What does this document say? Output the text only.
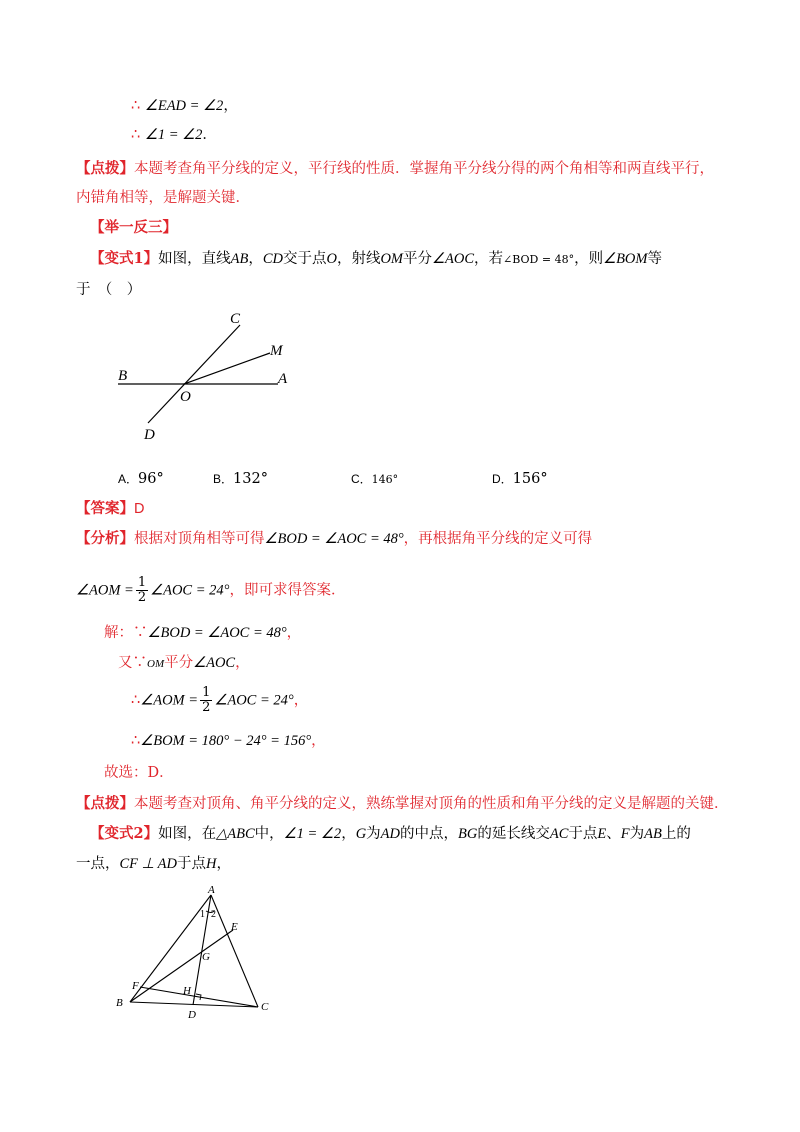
∴ ∠EAD = ∠2，
∴ ∠1 = ∠2．
【点拨】本题考查角平分线的定义，平行线的性质．掌握角平分线分得的两个角相等和两直线平行，
内错角相等，是解题关键．
【举一反三】
【变式1】如图，直线AB，CD交于点O，射线OM平分∠AOC，若∠BOD = 48°，则∠BOM等
于　（　）
C
M
B	A
O
D
A．96°	B．132°	C．146°	D．156°
【答案】D
【分析】根据对顶角相等可得∠BOD = ∠AOC = 48°，再根据角平分线的定义可得
∠AOM = $\frac{1}{2}$ ∠AOC = 24°，即可求得答案．
解：∵∠BOD = ∠AOC = 48°，
又∵OM平分∠AOC，
∴∠AOM = $\frac{1}{2}$ ∠AOC = 24°，
∴∠BOM = 180° − 24° = 156°，
故选：D．
【点拨】本题考查对顶角、角平分线的定义，熟练掌握对顶角的性质和角平分线的定义是解题的关键．
【变式2】如图，在△ABC中，∠1 = ∠2，G为AD的中点，BG的延长线交AC于点E、F为AB上的
一点，CF ⊥ AD于点H，
A
B	C
D
E
F
G
H
1 2
